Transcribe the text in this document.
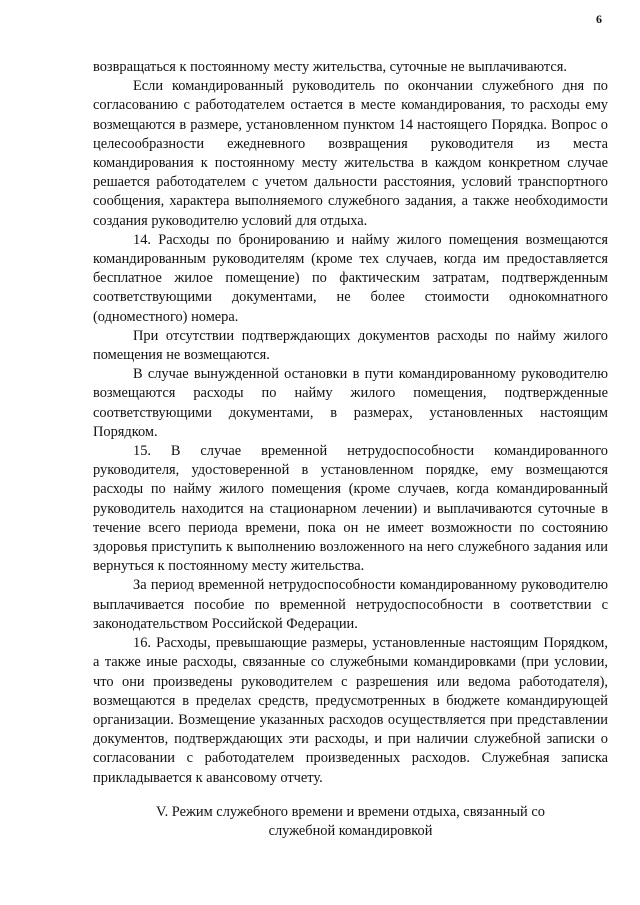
6

возвращаться к постоянному месту жительства, суточные не выплачиваются.

Если командированный руководитель по окончании служебного дня по согласованию с работодателем остается в месте командирования, то расходы ему возмещаются в размере, установленном пунктом 14 настоящего Порядка. Вопрос о целесообразности ежедневного возвращения руководителя из места командирования к постоянному месту жительства в каждом конкретном случае решается работодателем с учетом дальности расстояния, условий транспортного сообщения, характера выполняемого служебного задания, а также необходимости создания руководителю условий для отдыха.

14. Расходы по бронированию и найму жилого помещения возмещаются командированным руководителям (кроме тех случаев, когда им предоставляется бесплатное жилое помещение) по фактическим затратам, подтвержденным соответствующими документами, не более стоимости однокомнатного (одноместного) номера.

При отсутствии подтверждающих документов расходы по найму жилого помещения не возмещаются.

В случае вынужденной остановки в пути командированному руководителю возмещаются расходы по найму жилого помещения, подтвержденные соответствующими документами, в размерах, установленных настоящим Порядком.

15. В случае временной нетрудоспособности командированного руководителя, удостоверенной в установленном порядке, ему возмещаются расходы по найму жилого помещения (кроме случаев, когда командированный руководитель находится на стационарном лечении) и выплачиваются суточные в течение всего периода времени, пока он не имеет возможности по состоянию здоровья приступить к выполнению возложенного на него служебного задания или вернуться к постоянному месту жительства.

За период временной нетрудоспособности командированному руководителю выплачивается пособие по временной нетрудоспособности в соответствии с законодательством Российской Федерации.

16. Расходы, превышающие размеры, установленные настоящим Порядком, а также иные расходы, связанные со служебными командировками (при условии, что они произведены руководителем с разрешения или ведома работодателя), возмещаются в пределах средств, предусмотренных в бюджете командирующей организации. Возмещение указанных расходов осуществляется при представлении документов, подтверждающих эти расходы, и при наличии служебной записки о согласовании с работодателем произведенных расходов. Служебная записка прикладывается к авансовому отчету.

V. Режим служебного времени и времени отдыха, связанный со
служебной командировкой
